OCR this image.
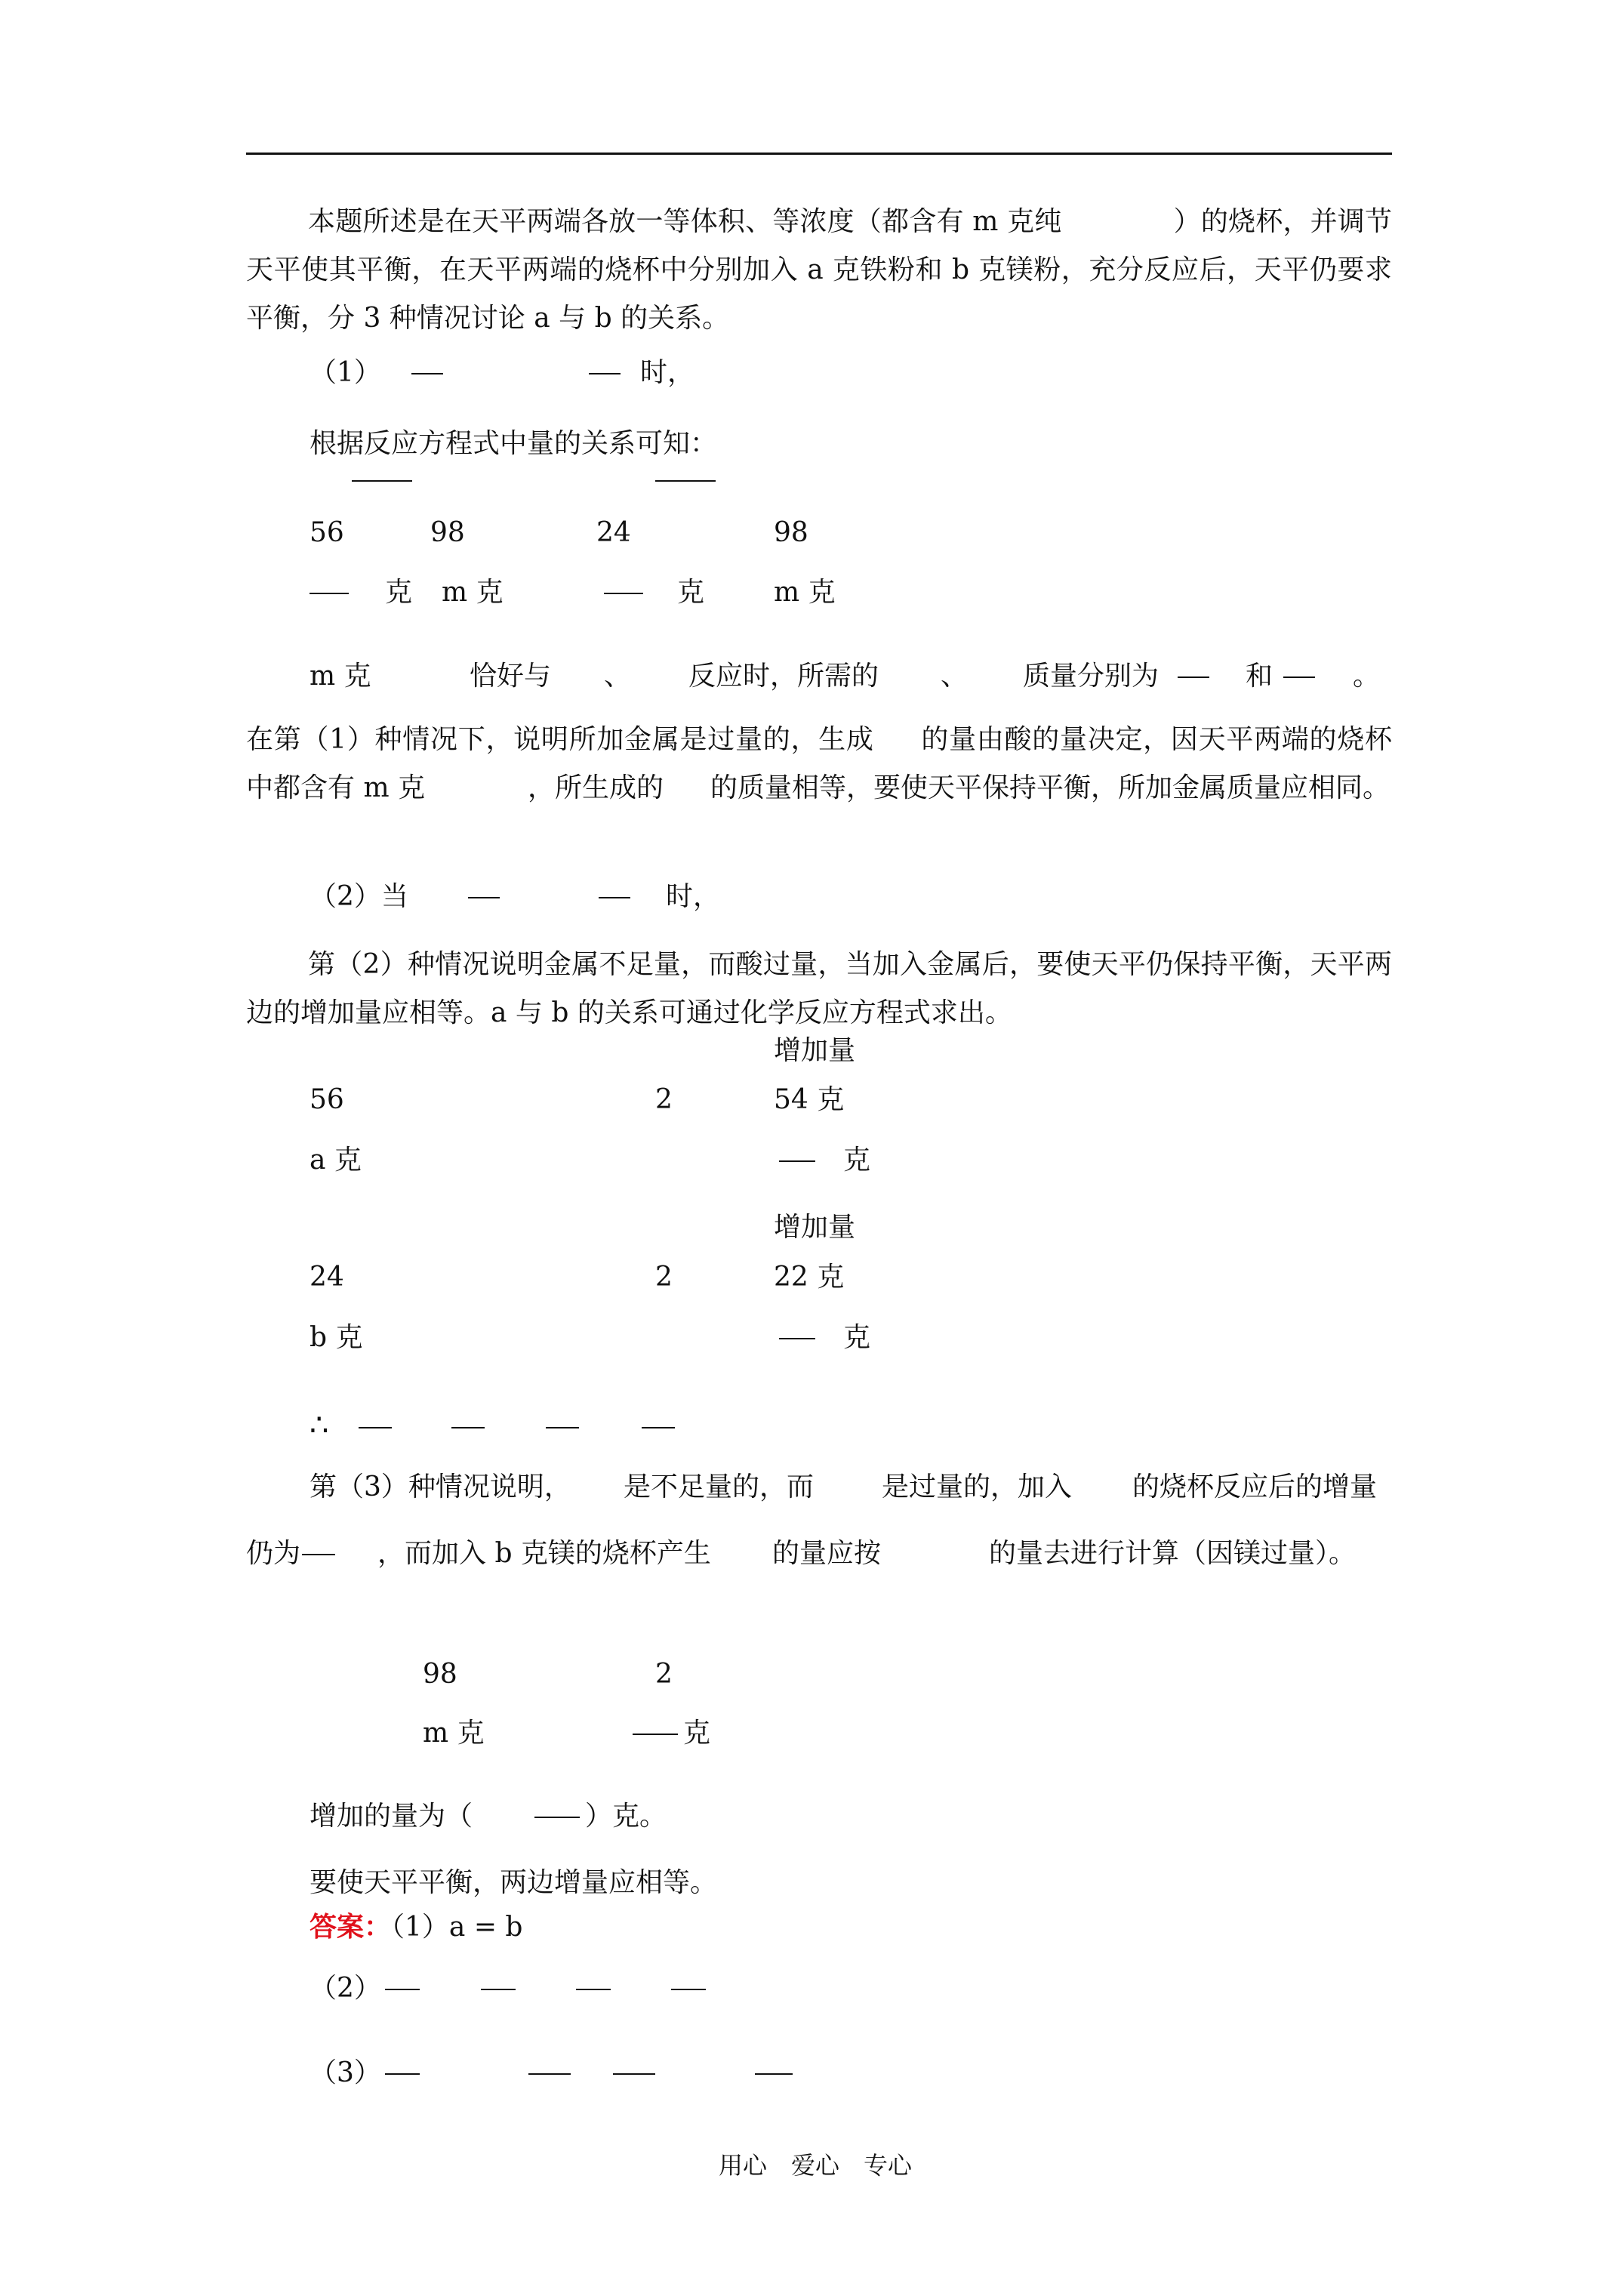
本题所述是在天平两端各放一等体积、等浓度（都含有 m 克纯	）的烧杯，并调节天平使其平衡，在天平两端的烧杯中分别加入 a 克铁粉和 b 克镁粉，充分反应后，天平仍要求平衡，分 3 种情况讨论 a 与 b 的关系。
（1）	时，
根据反应方程式中量的关系可知：
56	98	24	98
克 m 克	克	m 克
m 克	恰好与 、 反应时，所需的 、 质量分别为	和	。
在第（1）种情况下，说明所加金属是过量的，生成 的量由酸的量决定，因天平两端的烧杯中都含有 m 克	，所生成的 的质量相等，要使天平保持平衡，所加金属质量应相同。
（2）当	时，
第（2）种情况说明金属不足量，而酸过量，当加入金属后，要使天平仍保持平衡，天平两边的增加量应相等。a 与 b 的关系可通过化学反应方程式求出。
增加量
56	2	54 克
a 克	克
增加量
24	2	22 克
b 克	克
∴
第（3）种情况说明， 是不足量的，而 是过量的，加入 的烧杯反应后的增量
仍为	，而加入 b 克镁的烧杯产生 的量应按	的量去进行计算（因镁过量）。
98	2
m 克	克
增加的量为（	）克。
要使天平平衡，两边增量应相等。
答案：（1）a = b
（2）
（3）
用心　爱心　专心
